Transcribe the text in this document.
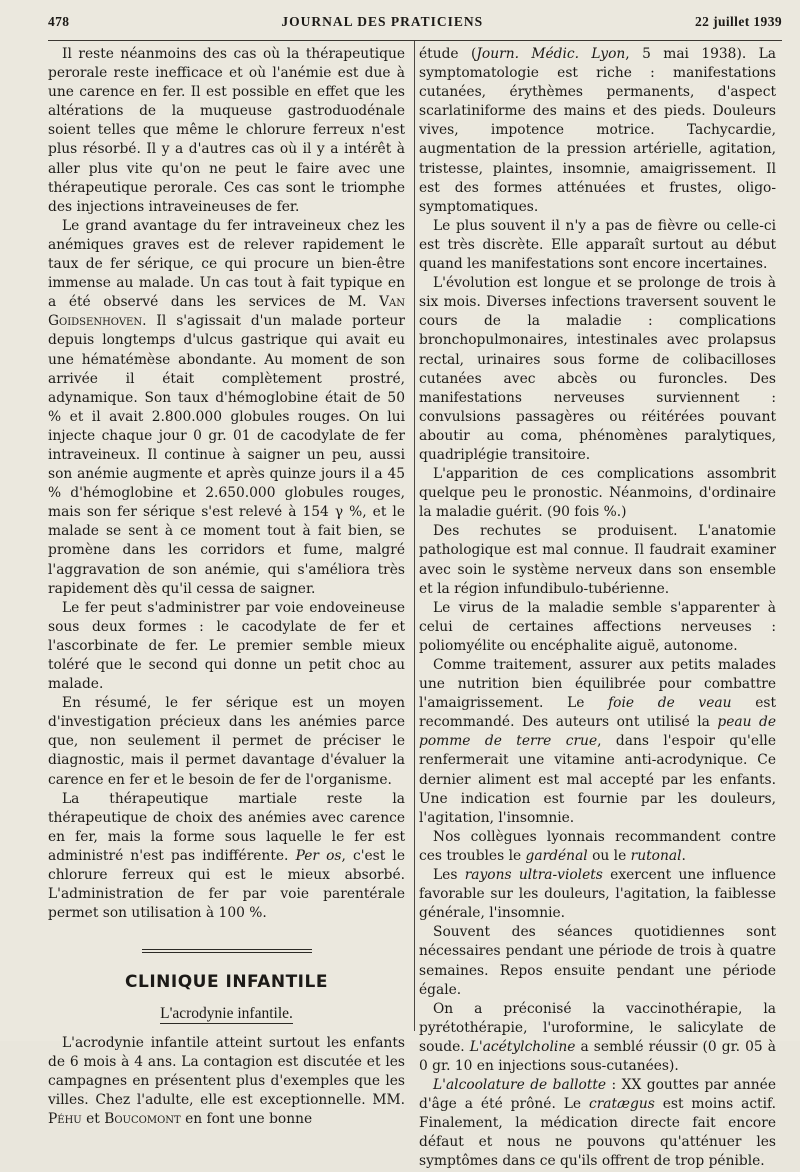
478	JOURNAL DES PRATICIENS	22 juillet 1939

Il reste néanmoins des cas où la thérapeutique perorale reste inefficace et où l'anémie est due à une carence en fer. Il est possible en effet que les altérations de la muqueuse gastroduodénale soient telles que même le chlorure ferreux n'est plus résorbé. Il y a d'autres cas où il y a intérêt à aller plus vite qu'on ne peut le faire avec une thérapeutique perorale. Ces cas sont le triomphe des injections intraveineuses de fer.

Le grand avantage du fer intraveineux chez les anémiques graves est de relever rapidement le taux de fer sérique, ce qui procure un bien-être immense au malade. Un cas tout à fait typique en a été observé dans les services de M. Van Goidsenhoven. Il s'agissait d'un malade porteur depuis longtemps d'ulcus gastrique qui avait eu une hématémèse abondante. Au moment de son arrivée il était complètement prostré, adynamique. Son taux d'hémoglobine était de 50 % et il avait 2.800.000 globules rouges. On lui injecte chaque jour 0 gr. 01 de cacodylate de fer intraveineux. Il continue à saigner un peu, aussi son anémie augmente et après quinze jours il a 45 % d'hémoglobine et 2.650.000 globules rouges, mais son fer sérique s'est relevé à 154 γ %, et le malade se sent à ce moment tout à fait bien, se promène dans les corridors et fume, malgré l'aggravation de son anémie, qui s'améliora très rapidement dès qu'il cessa de saigner.

Le fer peut s'administrer par voie endoveineuse sous deux formes : le cacodylate de fer et l'ascorbinate de fer. Le premier semble mieux toléré que le second qui donne un petit choc au malade.

En résumé, le fer sérique est un moyen d'investigation précieux dans les anémies parce que, non seulement il permet de préciser le diagnostic, mais il permet davantage d'évaluer la carence en fer et le besoin de fer de l'organisme.

La thérapeutique martiale reste la thérapeutique de choix des anémies avec carence en fer, mais la forme sous laquelle le fer est administré n'est pas indifférente. Per os, c'est le chlorure ferreux qui est le mieux absorbé. L'administration de fer par voie parentérale permet son utilisation à 100 %.

CLINIQUE INFANTILE
L'acrodynie infantile.

L'acrodynie infantile atteint surtout les enfants de 6 mois à 4 ans. La contagion est discutée et les campagnes en présentent plus d'exemples que les villes. Chez l'adulte, elle est exceptionnelle. MM. Péhu et Boucomont en font une bonne

étude (Journ. Médic. Lyon, 5 mai 1938). La symptomatologie est riche : manifestations cutanées, érythèmes permanents, d'aspect scarlatiniforme des mains et des pieds. Douleurs vives, impotence motrice. Tachycardie, augmentation de la pression artérielle, agitation, tristesse, plaintes, insomnie, amaigrissement. Il est des formes atténuées et frustes, oligo-symptomatiques.

Le plus souvent il n'y a pas de fièvre ou celle-ci est très discrète. Elle apparaît surtout au début quand les manifestations sont encore incertaines.

L'évolution est longue et se prolonge de trois à six mois. Diverses infections traversent souvent le cours de la maladie : complications bronchopulmonaires, intestinales avec prolapsus rectal, urinaires sous forme de colibacilloses cutanées avec abcès ou furoncles. Des manifestations nerveuses surviennent : convulsions passagères ou réitérées pouvant aboutir au coma, phénomènes paralytiques, quadriplégie transitoire.

L'apparition de ces complications assombrit quelque peu le pronostic. Néanmoins, d'ordinaire la maladie guérit. (90 fois %.)

Des rechutes se produisent. L'anatomie pathologique est mal connue. Il faudrait examiner avec soin le système nerveux dans son ensemble et la région infundibulo-tubérienne.

Le virus de la maladie semble s'apparenter à celui de certaines affections nerveuses : poliomyélite ou encéphalite aiguë, autonome.

Comme traitement, assurer aux petits malades une nutrition bien équilibrée pour combattre l'amaigrissement. Le foie de veau est recommandé. Des auteurs ont utilisé la peau de pomme de terre crue, dans l'espoir qu'elle renfermerait une vitamine anti-acrodynique. Ce dernier aliment est mal accepté par les enfants. Une indication est fournie par les douleurs, l'agitation, l'insomnie.

Nos collègues lyonnais recommandent contre ces troubles le gardénal ou le rutonal.

Les rayons ultra-violets exercent une influence favorable sur les douleurs, l'agitation, la faiblesse générale, l'insomnie.

Souvent des séances quotidiennes sont nécessaires pendant une période de trois à quatre semaines. Repos ensuite pendant une période égale.

On a préconisé la vaccinothérapie, la pyrétothérapie, l'uroformine, le salicylate de soude. L'acétylcholine a semblé réussir (0 gr. 05 à 0 gr. 10 en injections sous-cutanées).

L'alcoolature de ballotte : XX gouttes par année d'âge a été prôné. Le cratægus est moins actif. Finalement, la médication directe fait encore défaut et nous ne pouvons qu'atténuer les symptômes dans ce qu'ils offrent de trop pénible.
